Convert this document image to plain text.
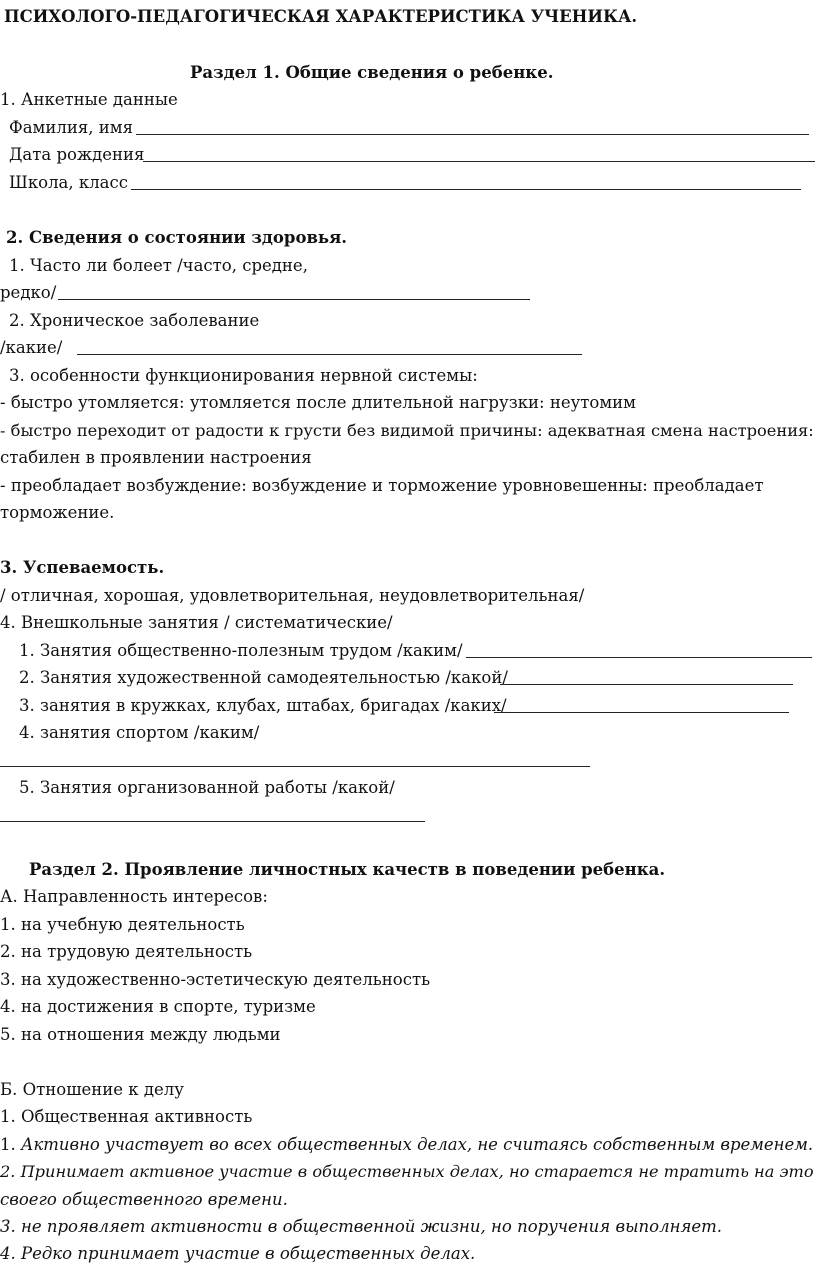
ПСИХОЛОГО-ПЕДАГОГИЧЕСКАЯ ХАРАКТЕРИСТИКА УЧЕНИКА.
Раздел 1. Общие сведения о ребенке.
1. Анкетные данные
Фамилия, имя
Дата рождения
Школа, класс
2. Сведения о состоянии здоровья.
1. Часто ли болеет /часто, средне,
редко/
2. Хроническое заболевание
/какие/
3. особенности функционирования нервной системы:
- быстро утомляется: утомляется после длительной нагрузки: неутомим
- быстро переходит от радости к грусти без видимой причины: адекватная смена настроения:
стабилен в проявлении настроения
- преобладает возбуждение: возбуждение и торможение уровновешенны: преобладает
торможение.
3. Успеваемость.
/ отличная, хорошая, удовлетворительная, неудовлетворительная/
4. Внешкольные занятия / систематические/
1. Занятия общественно-полезным трудом /каким/
2. Занятия художественной самодеятельностью /какой/
3. занятия в кружках, клубах, штабах, бригадах /каких/
4. занятия спортом /каким/
5. Занятия организованной работы /какой/
Раздел 2. Проявление личностных качеств в поведении ребенка.
А. Направленность интересов:
1. на учебную деятельность
2. на трудовую деятельность
3. на художественно-эстетическую деятельность
4. на достижения в спорте, туризме
5. на отношения между людьми
Б. Отношение к делу
1. Общественная активность
1. Активно участвует во всех общественных делах, не считаясь собственным временем.
2. Принимает активное участие в общественных делах, но старается не тратить на это
своего общественного времени.
3. не проявляет активности в общественной жизни, но поручения выполняет.
4. Редко принимает участие в общественных делах.
